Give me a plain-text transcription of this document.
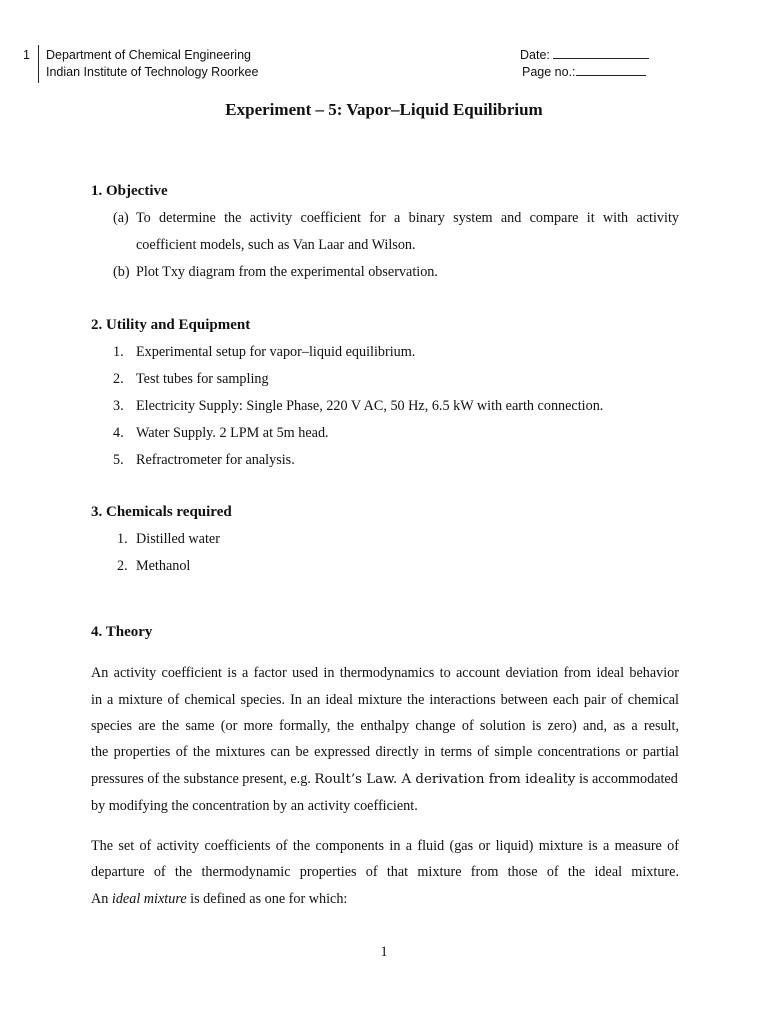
1 Department of Chemical Engineering
Indian Institute of Technology Roorkee
Date:
Page no.:
Experiment – 5: Vapor–Liquid Equilibrium
1. Objective
(a) To determine the activity coefficient for a binary system and compare it with activity
coefficient models, such as Van Laar and Wilson.
(b) Plot Txy diagram from the experimental observation.
2. Utility and Equipment
1. Experimental setup for vapor–liquid equilibrium.
2. Test tubes for sampling
3. Electricity Supply: Single Phase, 220 V AC, 50 Hz, 6.5 kW with earth connection.
4. Water Supply. 2 LPM at 5m head.
5. Refractrometer for analysis.
3. Chemicals required
1. Distilled water
2. Methanol
4. Theory
An activity coefficient is a factor used in thermodynamics to account deviation from ideal behavior
in a mixture of chemical species. In an ideal mixture the interactions between each pair of chemical
species are the same (or more formally, the enthalpy change of solution is zero) and, as a result,
the properties of the mixtures can be expressed directly in terms of simple concentrations or partial
pressures of the substance present, e.g. Roult’s Law. A derivation from ideality is accommodated
by modifying the concentration by an activity coefficient.
The set of activity coefficients of the components in a fluid (gas or liquid) mixture is a measure of
departure of the thermodynamic properties of that mixture from those of the ideal mixture.
An ideal mixture is defined as one for which:
1
